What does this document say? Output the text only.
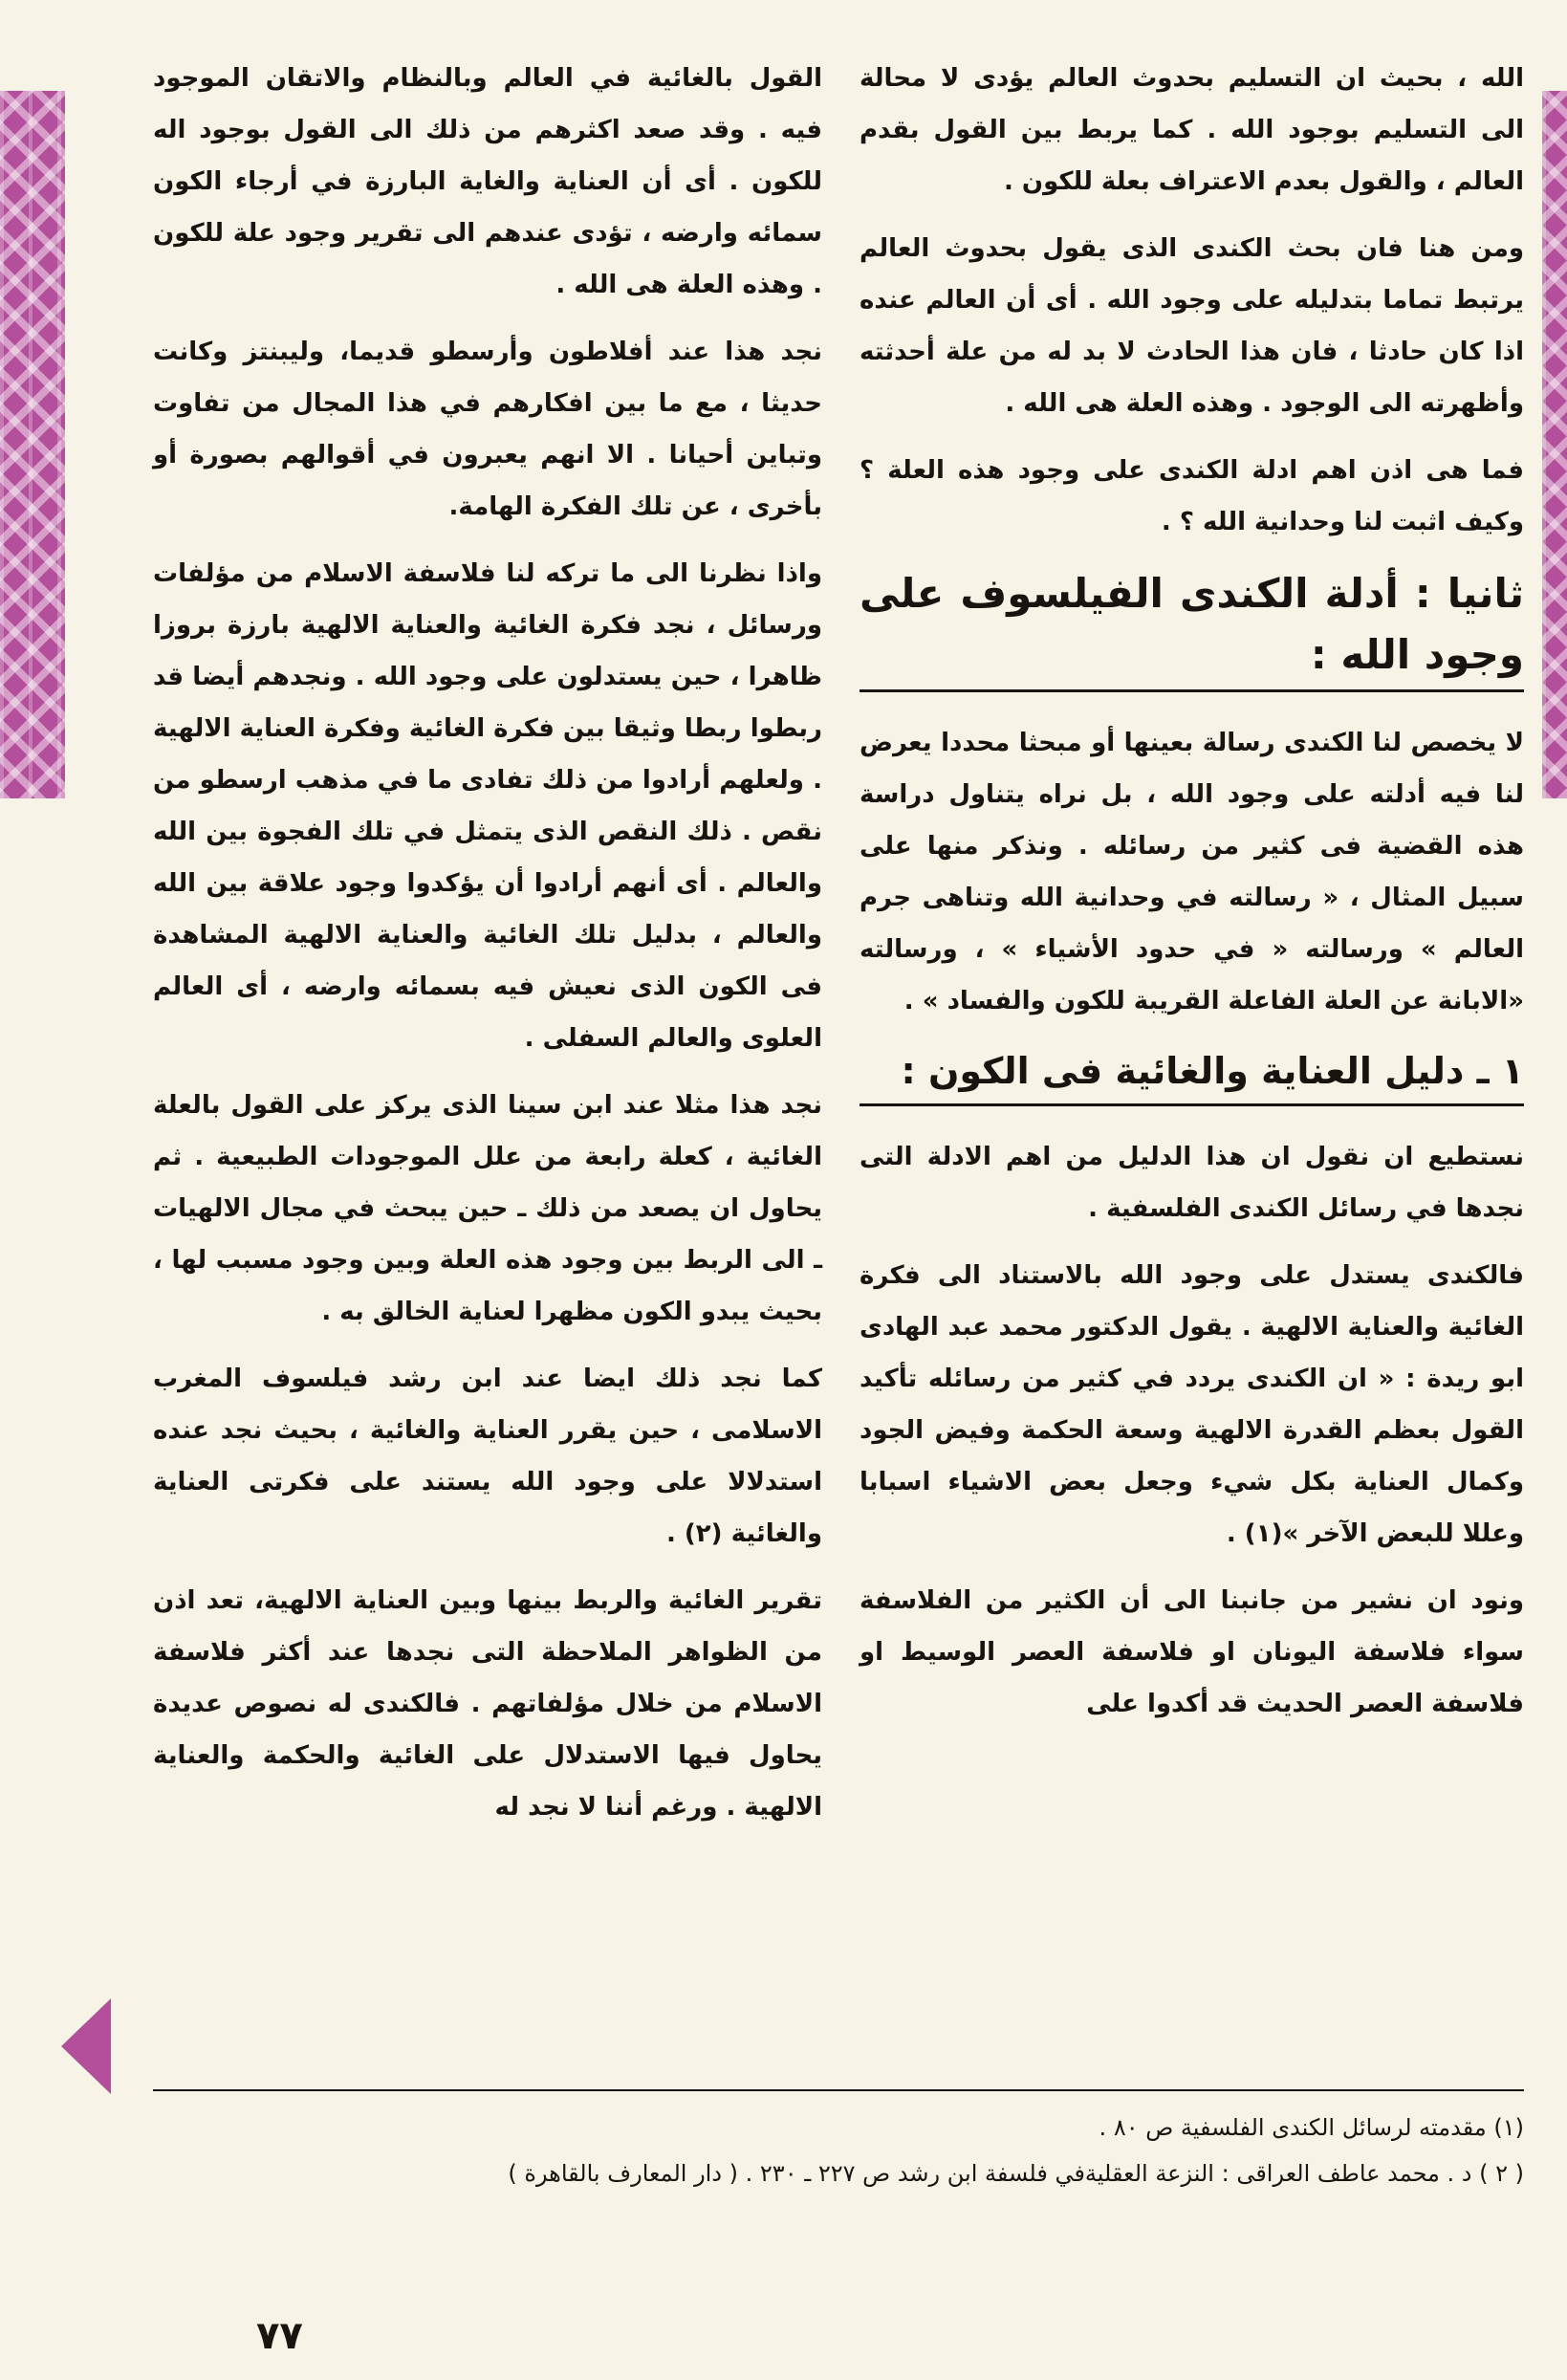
الله ، بحيث ان التسليم بحدوث العالم يؤدى لا محالة الى التسليم بوجود الله . كما يربط بين القول بقدم العالم ، والقول بعدم الاعتراف بعلة للكون .

ومن هنا فان بحث الكندى الذى يقول بحدوث العالم يرتبط تماما بتدليله على وجود الله . أى أن العالم عنده اذا كان حادثا ، فان هذا الحادث لا بد له من علة أحدثته وأظهرته الى الوجود . وهذه العلة هى الله .

فما هى اذن اهم ادلة الكندى على وجود هذه العلة ؟ وكيف اثبت لنا وحدانية الله ؟ .

ثانيا : أدلة الكندى الفيلسوف على وجود الله :

لا يخصص لنا الكندى رسالة بعينها أو مبحثا محددا يعرض لنا فيه أدلته على وجود الله ، بل نراه يتناول دراسة هذه القضية فى كثير من رسائله . ونذكر منها على سبيل المثال ، « رسالته في وحدانية الله وتناهى جرم العالم » ورسالته « في حدود الأشياء » ، ورسالته «الابانة عن العلة الفاعلة القريبة للكون والفساد » .

١ ـ دليل العناية والغائية فى الكون :

نستطيع ان نقول ان هذا الدليل من اهم الادلة التى نجدها في رسائل الكندى الفلسفية .

فالكندى يستدل على وجود الله بالاستناد الى فكرة الغائية والعناية الالهية . يقول الدكتور محمد عبد الهادى ابو ريدة : « ان الكندى يردد في كثير من رسائله تأكيد القول بعظم القدرة الالهية وسعة الحكمة وفيض الجود وكمال العناية بكل شيء وجعل بعض الاشياء اسبابا وعللا للبعض الآخر »(١) .

ونود ان نشير من جانبنا الى أن الكثير من الفلاسفة سواء فلاسفة اليونان او فلاسفة العصر الوسيط او فلاسفة العصر الحديث قد أكدوا على

القول بالغائية في العالم وبالنظام والاتقان الموجود فيه . وقد صعد اكثرهم من ذلك الى القول بوجود اله للكون . أى أن العناية والغاية البارزة في أرجاء الكون سمائه وارضه ، تؤدى عندهم الى تقرير وجود علة للكون . وهذه العلة هى الله .

نجد هذا عند أفلاطون وأرسطو قديما، وليبنتز وكانت حديثا ، مع ما بين افكارهم في هذا المجال من تفاوت وتباين أحيانا . الا انهم يعبرون في أقوالهم بصورة أو بأخرى ، عن تلك الفكرة الهامة.

واذا نظرنا الى ما تركه لنا فلاسفة الاسلام من مؤلفات ورسائل ، نجد فكرة الغائية والعناية الالهية بارزة بروزا ظاهرا ، حين يستدلون على وجود الله . ونجدهم أيضا قد ربطوا ربطا وثيقا بين فكرة الغائية وفكرة العناية الالهية . ولعلهم أرادوا من ذلك تفادى ما في مذهب ارسطو من نقص . ذلك النقص الذى يتمثل في تلك الفجوة بين الله والعالم . أى أنهم أرادوا أن يؤكدوا وجود علاقة بين الله والعالم ، بدليل تلك الغائية والعناية الالهية المشاهدة فى الكون الذى نعيش فيه بسمائه وارضه ، أى العالم العلوى والعالم السفلى .

نجد هذا مثلا عند ابن سينا الذى يركز على القول بالعلة الغائية ، كعلة رابعة من علل الموجودات الطبيعية . ثم يحاول ان يصعد من ذلك ـ حين يبحث في مجال الالهيات ـ الى الربط بين وجود هذه العلة وبين وجود مسبب لها ، بحيث يبدو الكون مظهرا لعناية الخالق به .

كما نجد ذلك ايضا عند ابن رشد فيلسوف المغرب الاسلامى ، حين يقرر العناية والغائية ، بحيث نجد عنده استدلالا على وجود الله يستند على فكرتى العناية والغائية (٢) .

تقرير الغائية والربط بينها وبين العناية الالهية، تعد اذن من الظواهر الملاحظة التى نجدها عند أكثر فلاسفة الاسلام من خلال مؤلفاتهم . فالكندى له نصوص عديدة يحاول فيها الاستدلال على الغائية والحكمة والعناية الالهية . ورغم أننا لا نجد له

(١) مقدمته لرسائل الكندى الفلسفية ص ٨٠ .

( ٢ ) د . محمد عاطف العراقى : النزعة العقليةفي فلسفة ابن رشد ص ٢٢٧ ـ ٢٣٠ . ( دار المعارف بالقاهرة )

٧٧
